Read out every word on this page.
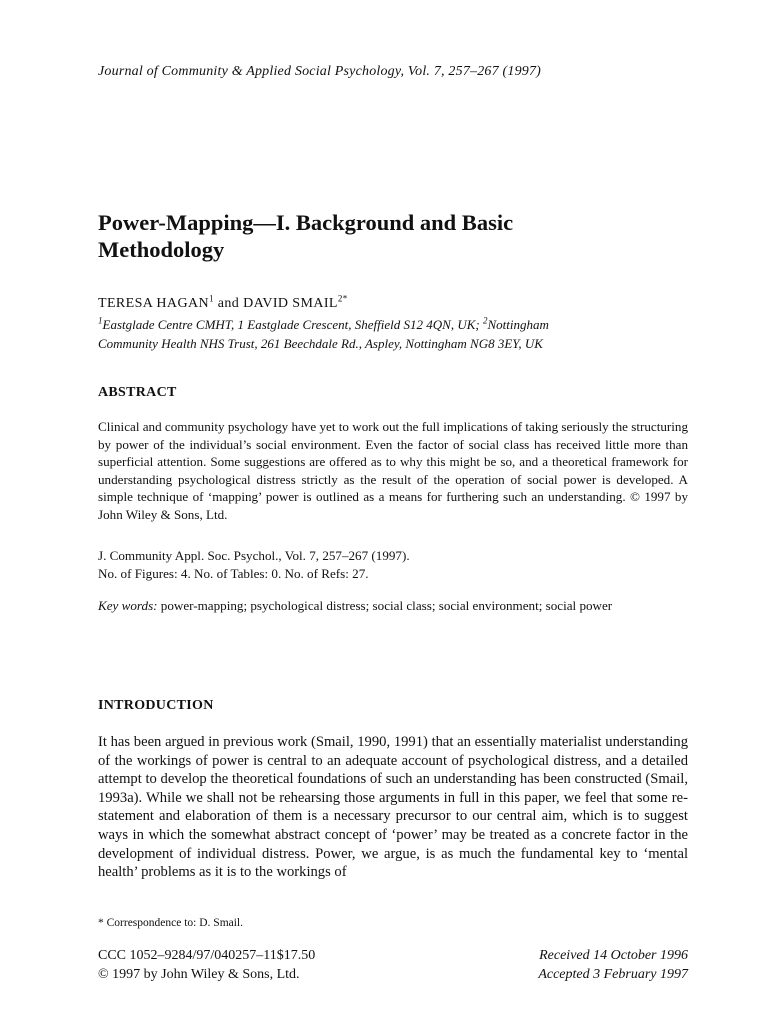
Journal of Community & Applied Social Psychology, Vol. 7, 257–267 (1997)
Power-Mapping—I. Background and Basic
Methodology
TERESA HAGAN$^1$ and DAVID $SMAIL^{2*}$
$^1$Eastglade Centre CMHT, 1 Eastglade Crescent, Sheffield S12 4QN, UK; $^2$Nottingham
Community Health NHS Trust, 261 Beechdale Rd., Aspley, Nottingham NG8 3EY, UK
ABSTRACT
Clinical and community psychology have yet to work out the full implications of taking seriously the structuring by power of the individual’s social environment. Even the factor of social class has received little more than superficial attention. Some suggestions are offered as to why this might be so, and a theoretical framework for understanding psychological distress strictly as the result of the operation of social power is developed. A simple technique of ‘mapping’ power is outlined as a means for furthering such an understanding. © 1997 by John Wiley & Sons, Ltd.
J. Community Appl. Soc. Psychol., Vol. 7, 257–267 (1997).
No. of Figures: 4. No. of Tables: 0. No. of Refs: 27.
Key words: power-mapping; psychological distress; social class; social environment; social power
INTRODUCTION
It has been argued in previous work (Smail, 1990, 1991) that an essentially materialist understanding of the workings of power is central to an adequate account of psychological distress, and a detailed attempt to develop the theoretical foundations of such an understanding has been constructed (Smail, 1993a). While we shall not be rehearsing those arguments in full in this paper, we feel that some re-statement and elaboration of them is a necessary precursor to our central aim, which is to suggest ways in which the somewhat abstract concept of ‘power’ may be treated as a concrete factor in the development of individual distress. Power, we argue, is as much the fundamental key to ‘mental health’ problems as it is to the workings of
* Correspondence to: D. Smail.
CCC 1052–9284/97/040257–11$17.50
© 1997 by John Wiley & Sons, Ltd.
Received 14 October 1996
Accepted 3 February 1997
